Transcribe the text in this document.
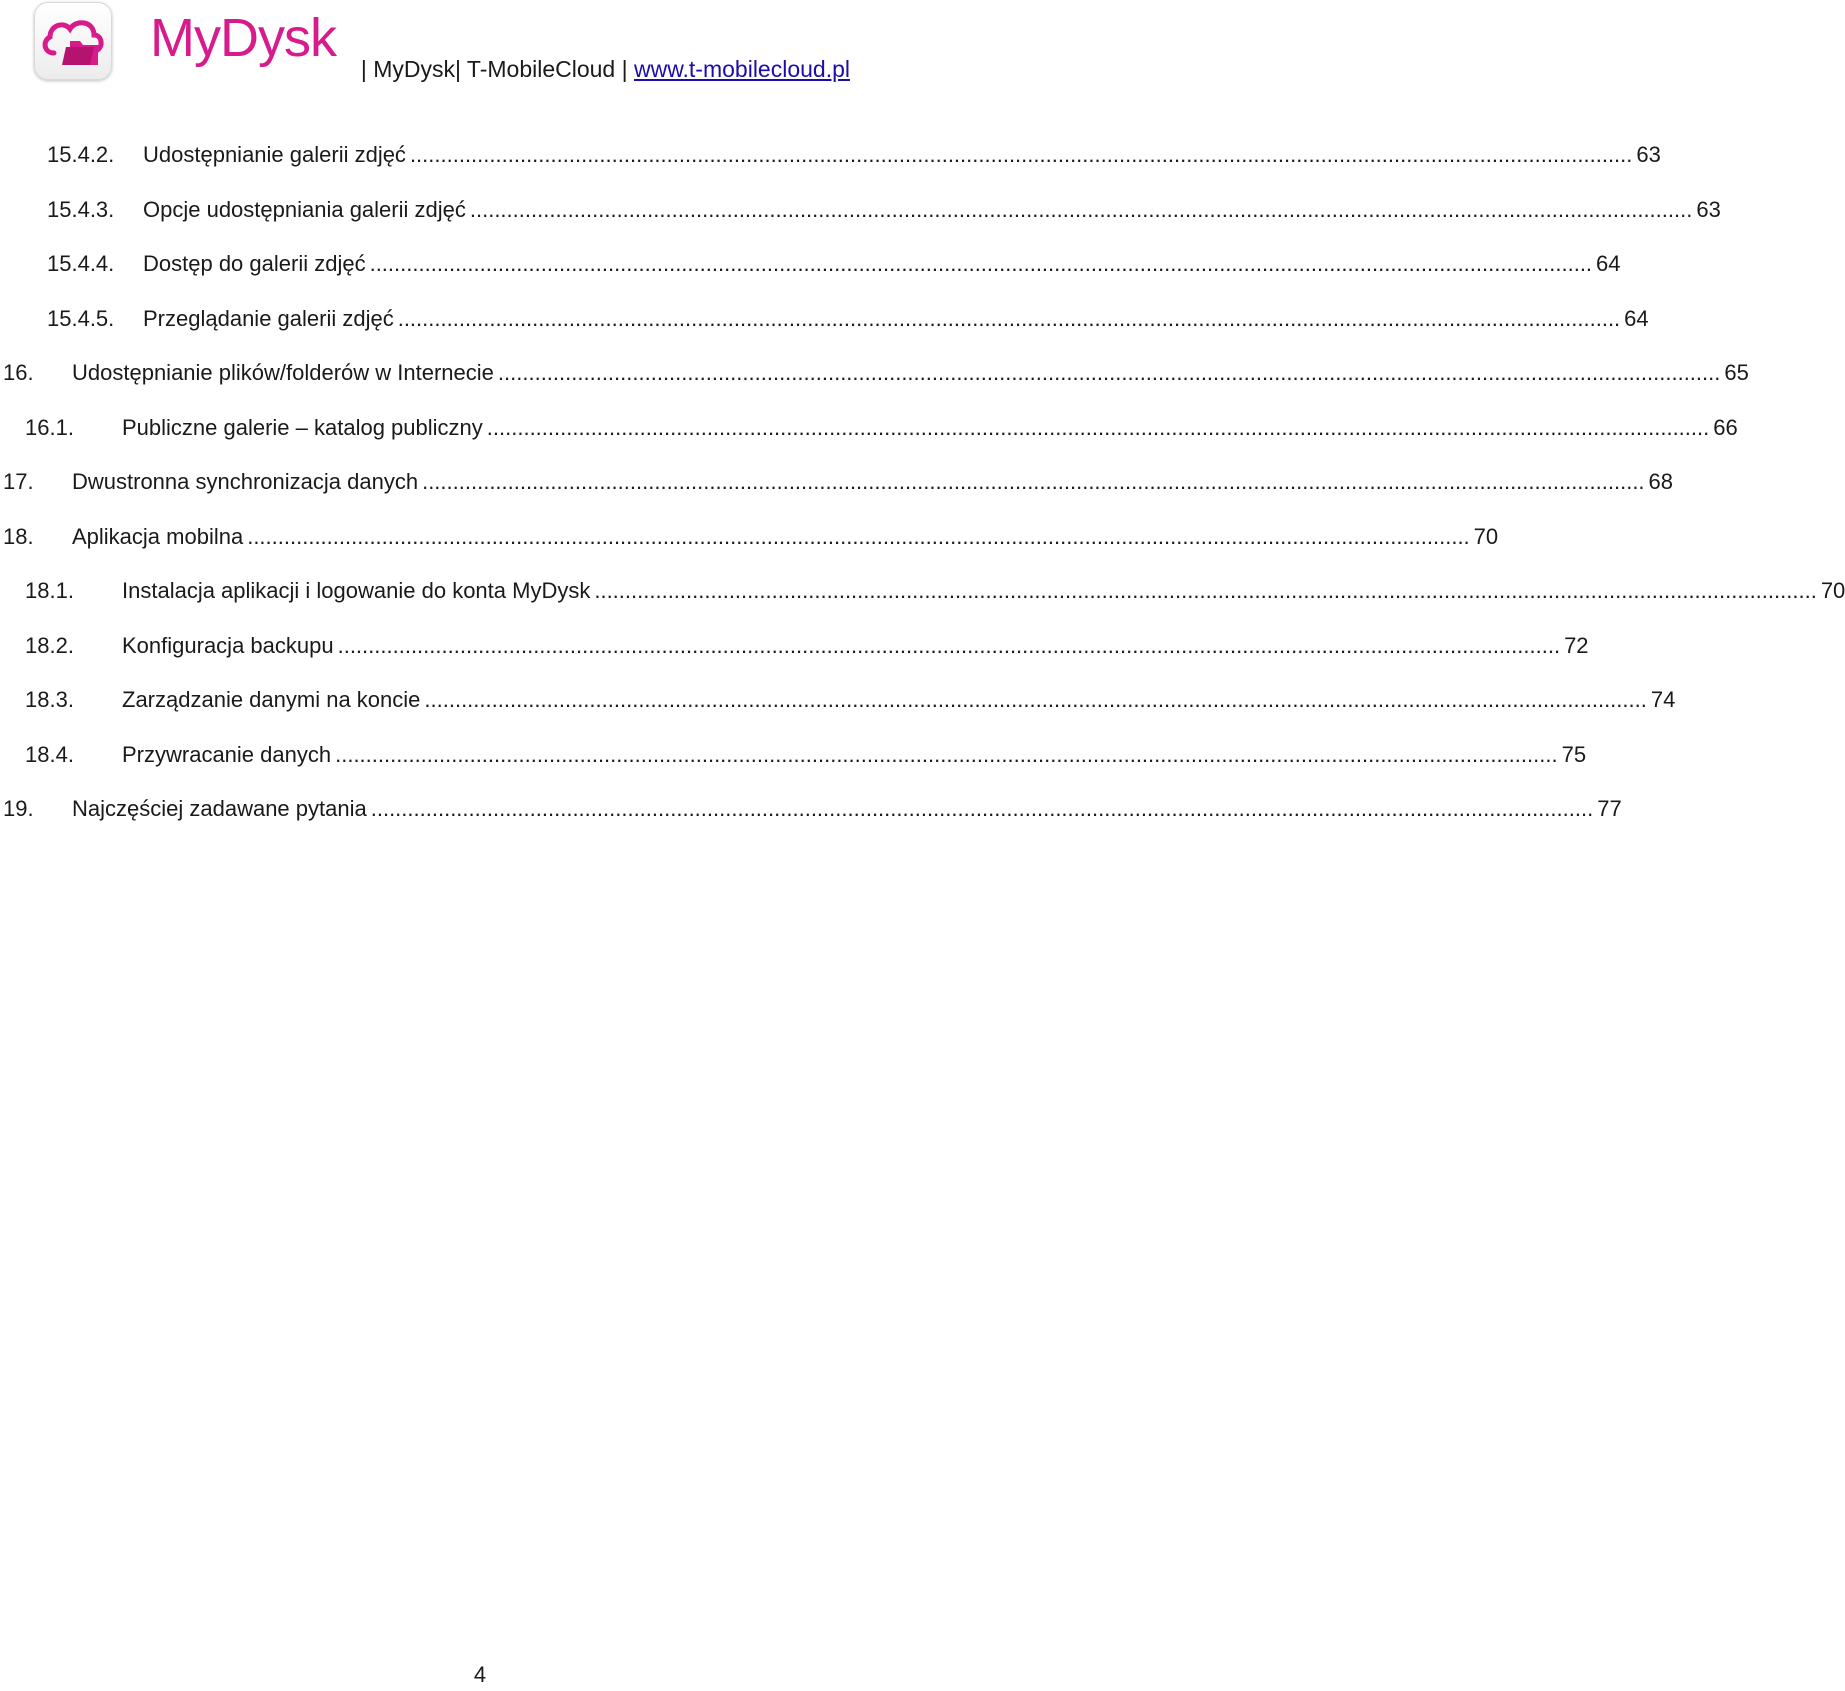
MyDysk
| MyDysk| T-MobileCloud | www.t-mobilecloud.pl
15.4.2. Udostępnianie galerii zdjęć ........................................................................................................................................................................................................ 63
15.4.3. Opcje udostępniania galerii zdjęć ........................................................................................................................................................................................................ 63
15.4.4. Dostęp do galerii zdjęć ........................................................................................................................................................................................................ 64
15.4.5. Przeglądanie galerii zdjęć ........................................................................................................................................................................................................ 64
16. Udostępnianie plików/folderów w Internecie ........................................................................................................................................................................................................ 65
16.1. Publiczne galerie – katalog publiczny ........................................................................................................................................................................................................ 66
17. Dwustronna synchronizacja danych ........................................................................................................................................................................................................ 68
18. Aplikacja mobilna ........................................................................................................................................................................................................ 70
18.1. Instalacja aplikacji i logowanie do konta MyDysk ........................................................................................................................................................................................................ 70
18.2. Konfiguracja backupu ........................................................................................................................................................................................................ 72
18.3. Zarządzanie danymi na koncie ........................................................................................................................................................................................................ 74
18.4. Przywracanie danych ........................................................................................................................................................................................................ 75
19. Najczęściej zadawane pytania ........................................................................................................................................................................................................ 77
4
